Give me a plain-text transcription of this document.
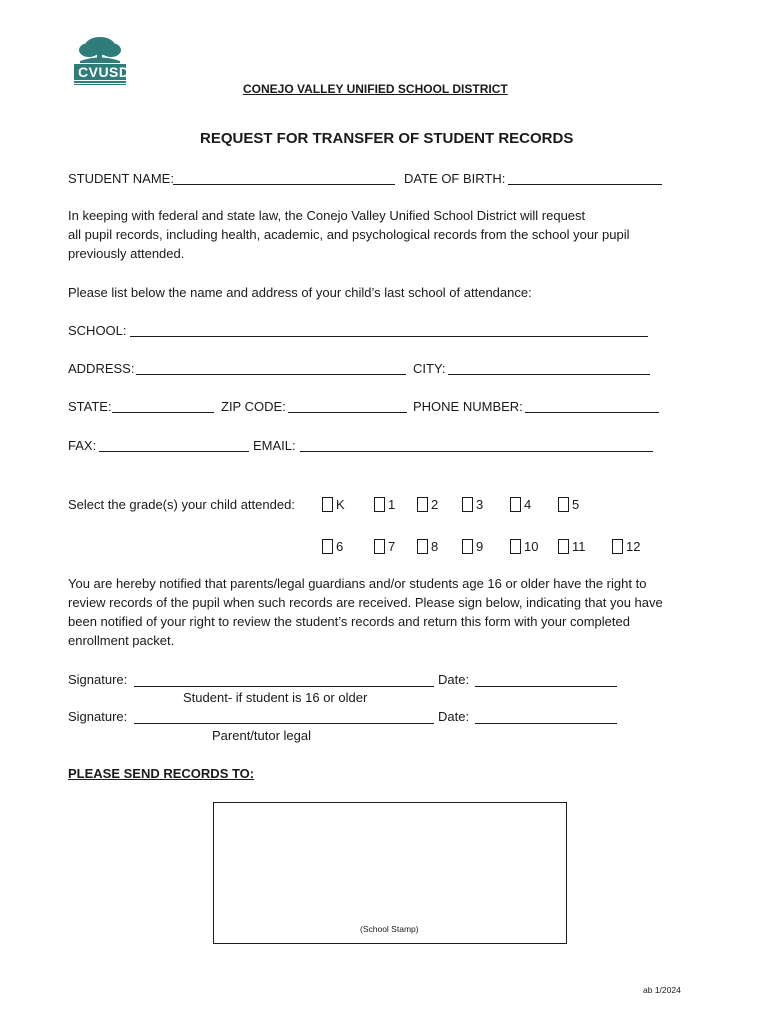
CVUSD
CONEJO VALLEY UNIFIED SCHOOL DISTRICT
REQUEST FOR TRANSFER OF STUDENT RECORDS
STUDENT NAME:	DATE OF BIRTH:
In keeping with federal and state law, the Conejo Valley Unified School District will request
all pupil records, including health, academic, and psychological records from the school your pupil
previously attended.
Please list below the name and address of your child’s last school of attendance:
SCHOOL:
ADDRESS:	CITY:
STATE:	ZIP CODE:	PHONE NUMBER:
FAX:	EMAIL:
Select the grade(s) your child attended:	K	1	2	3	4	5
6	7	8	9	10	11	12
You are hereby notified that parents/legal guardians and/or students age 16 or older have the right to
review records of the pupil when such records are received. Please sign below, indicating that you have
been notified of your right to review the student’s records and return this form with your completed
enrollment packet.
Signature:	Date:
Student- if student is 16 or older
Signature:	Date:
Parent/tutor legal
PLEASE SEND RECORDS TO:
(School Stamp)
ab 1/2024
